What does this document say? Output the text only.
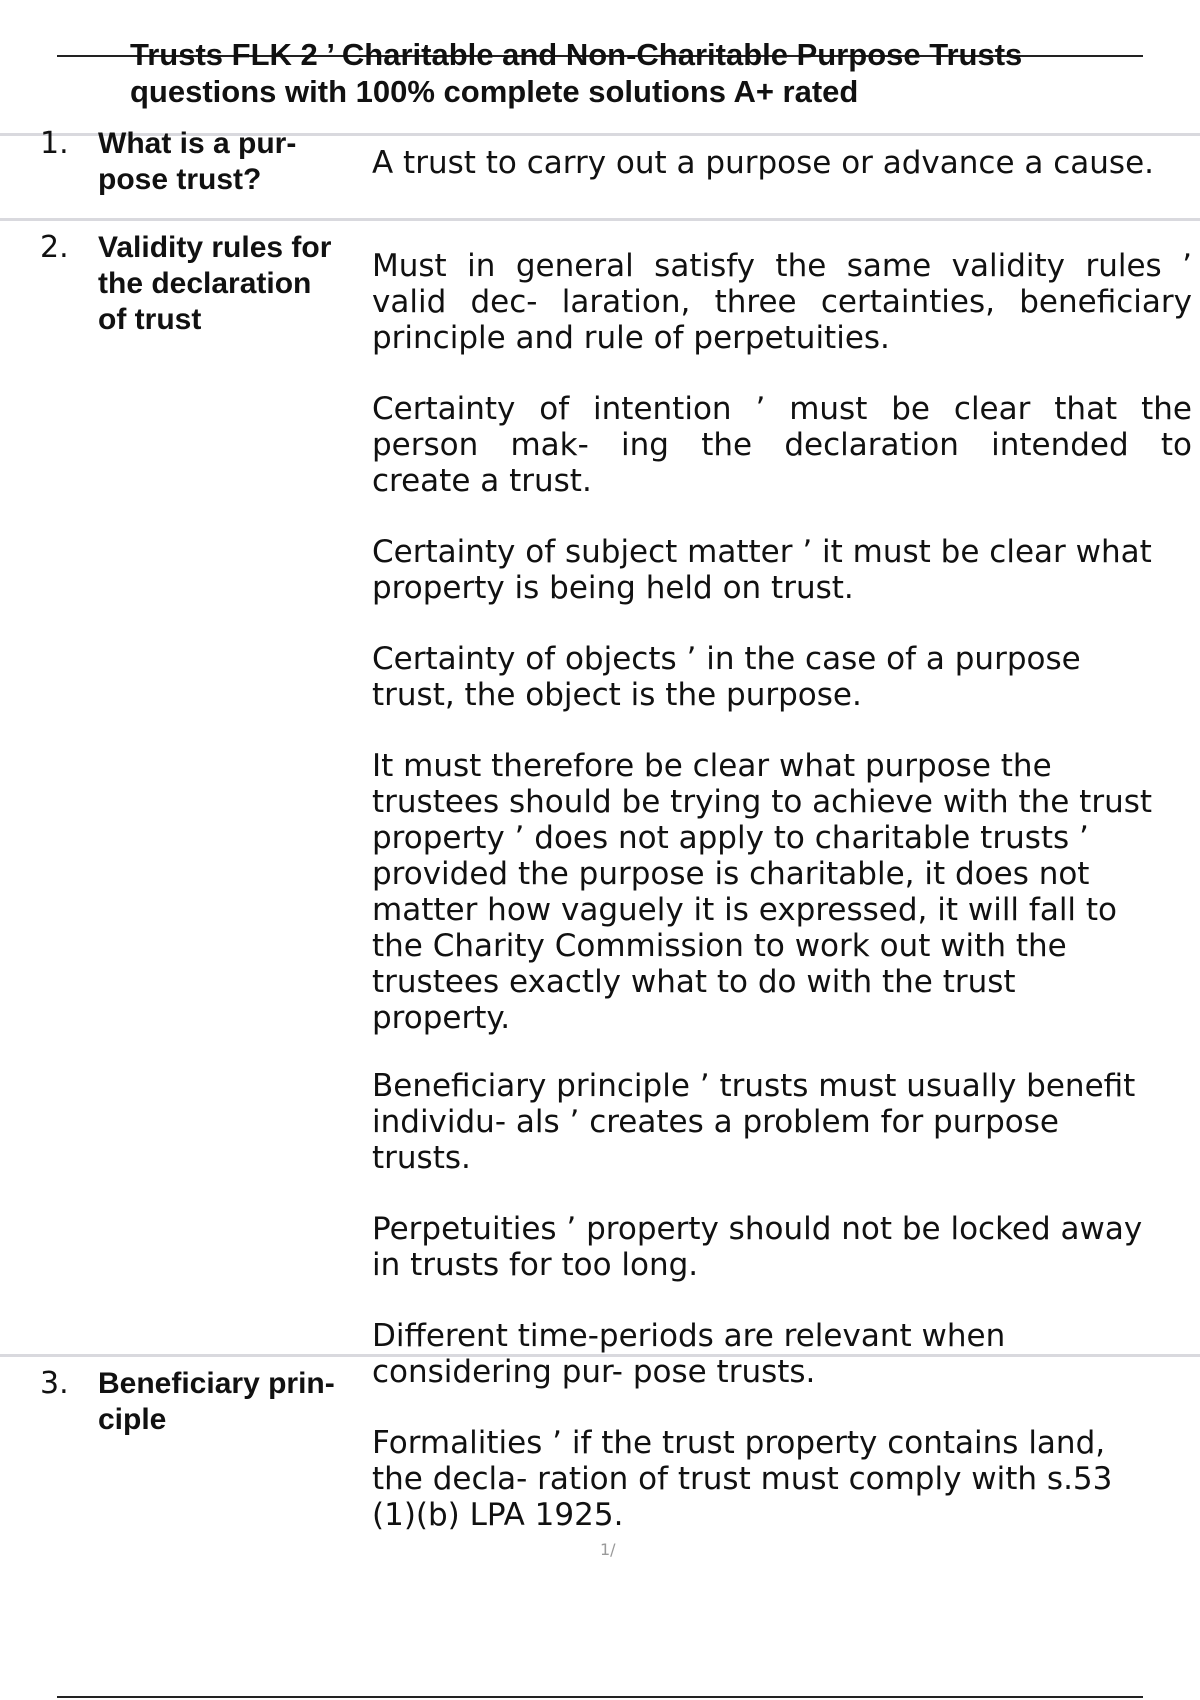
Trusts FLK 2 ’ Charitable and Non-Charitable Purpose Trusts
questions with 100% complete solutions A+ rated
1. What is a pur-
pose trust?	A trust to carry out a purpose or advance a cause.
2. Validity rules for
the declaration
of trust
Must in general satisfy the same validity rules ’
valid dec- laration, three certainties, beneficiary
principle and rule of perpetuities.
Certainty of intention ’ must be clear that the
person mak- ing the declaration intended to
create a trust.
Certainty of subject matter ’ it must be clear what
property is being held on trust.
Certainty of objects ’ in the case of a purpose
trust, the object is the purpose.
It must therefore be clear what purpose the
trustees should be trying to achieve with the trust
property ’ does not apply to charitable trusts ’
provided the purpose is charitable, it does not
matter how vaguely it is expressed, it will fall to
the Charity Commission to work out with the
trustees exactly what to do with the trust
property.
Beneficiary principle ’ trusts must usually benefit
individu- als ’ creates a problem for purpose
trusts.
Perpetuities ’ property should not be locked away
in trusts for too long.
Different time-periods are relevant when
considering pur- pose trusts.
Formalities ’ if the trust property contains land,
the decla- ration of trust must comply with s.53
(1)(b) LPA 1925.
3. Beneficiary prin-
ciple
1/
